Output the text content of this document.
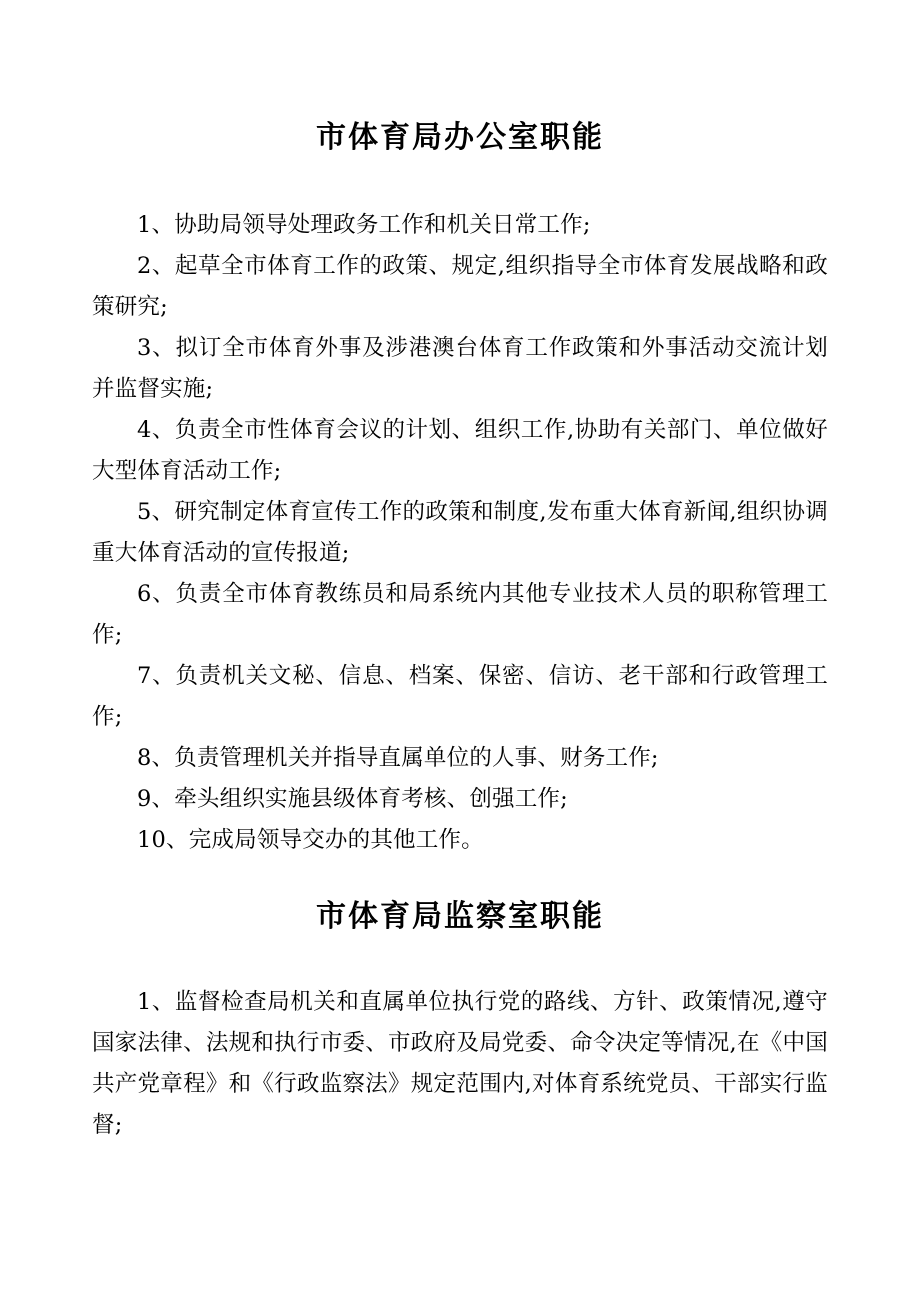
市体育局办公室职能
1、协助局领导处理政务工作和机关日常工作;
2、起草全市体育工作的政策、规定,组织指导全市体育发展战略和政策研究;
3、拟订全市体育外事及涉港澳台体育工作政策和外事活动交流计划并监督实施;
4、负责全市性体育会议的计划、组织工作,协助有关部门、单位做好大型体育活动工作;
5、研究制定体育宣传工作的政策和制度,发布重大体育新闻,组织协调重大体育活动的宣传报道;
6、负责全市体育教练员和局系统内其他专业技术人员的职称管理工作;
7、负责机关文秘、信息、档案、保密、信访、老干部和行政管理工作;
8、负责管理机关并指导直属单位的人事、财务工作;
9、牵头组织实施县级体育考核、创强工作;
10、完成局领导交办的其他工作。
市体育局监察室职能
1、监督检查局机关和直属单位执行党的路线、方针、政策情况,遵守国家法律、法规和执行市委、市政府及局党委、命令决定等情况,在《中国共产党章程》和《行政监察法》规定范围内,对体育系统党员、干部实行监督;
